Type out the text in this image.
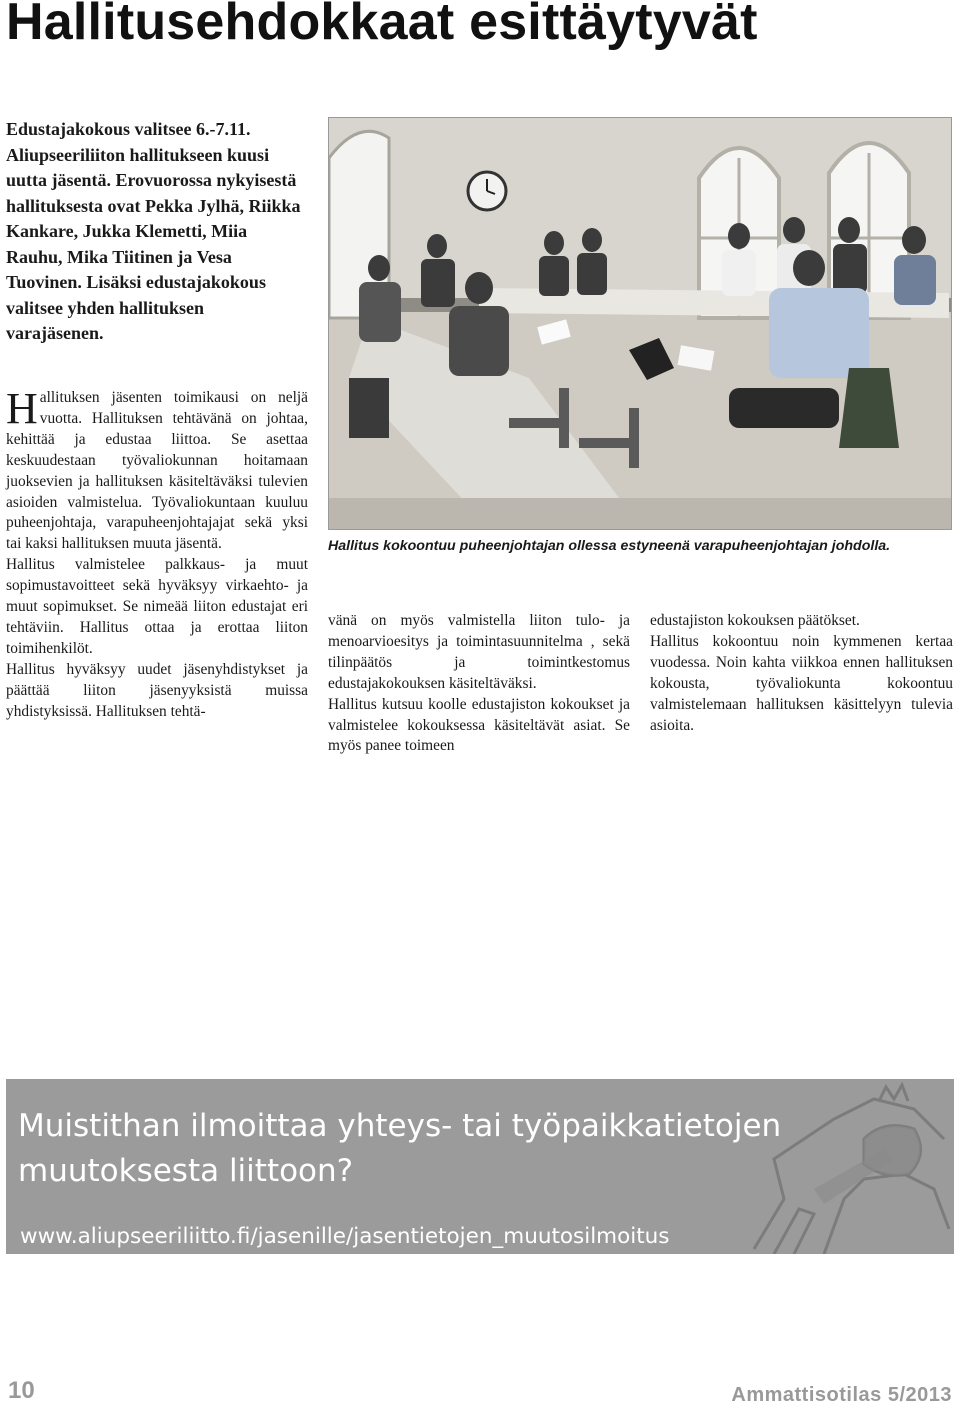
Hallitusehdokkaat esittäytyvät
Edustajakokous valitsee 6.-7.11. Aliupseeriliiton hallitukseen kuusi uutta jäsentä. Erovuorossa nykyisestä hallituksesta ovat Pekka Jylhä, Riikka Kankare, Jukka Klemetti, Miia Rauhu, Mika Tiitinen ja Vesa Tuovinen. Lisäksi edustajakokous valitsee yhden hallituksen varajäsenen.

Hallituksen jäsenten toimikausi on neljä vuotta. Hallituksen tehtävänä on johtaa, kehittää ja edustaa liittoa. Se asettaa keskuudestaan työvaliokunnan hoitamaan juoksevien ja hallituksen käsiteltäväksi tulevien asioiden valmistelua. Työvaliokuntaan kuuluu puheenjohtaja, varapuheenjohtajajat sekä yksi tai kaksi hallituksen muuta jäsentä.

Hallitus valmistelee palkkaus- ja muut sopimustavoitteet sekä hyväksyy virkaehto- ja muut sopimukset. Se nimeää liiton edustajat eri tehtäviin. Hallitus ottaa ja erottaa liiton toimihenkilöt.

Hallitus hyväksyy uudet jäsenyhdistykset ja päättää liiton jäsenyyksistä muissa yhdistyksissä. Hallituksen tehtä-

Hallitus kokoontuu puheenjohtajan ollessa estyneenä varapuheenjohtajan johdolla.

vänä on myös valmistella liiton tulo- ja menoarvioesitys ja toimintasuunnitelma , sekä tilinpäätös ja toimintkestomus edustajakokouksen käsiteltäväksi.

Hallitus kutsuu koolle edustajiston kokoukset ja valmistelee kokouksessa käsiteltävät asiat. Se myös panee toimeen

edustajiston kokouksen päätökset.

Hallitus kokoontuu noin kymmenen kertaa vuodessa. Noin kahta viikkoa ennen hallituksen kokousta, työvaliokunta kokoontuu valmistelemaan hallituksen käsittelyyn tulevia asioita.

Muistithan ilmoittaa yhteys- tai työpaikkatietojen muutoksesta liittoon?
www.aliupseeriliitto.fi/jasenille/jasentietojen_muutosilmoitus
10	Ammattisotilas 5/2013
